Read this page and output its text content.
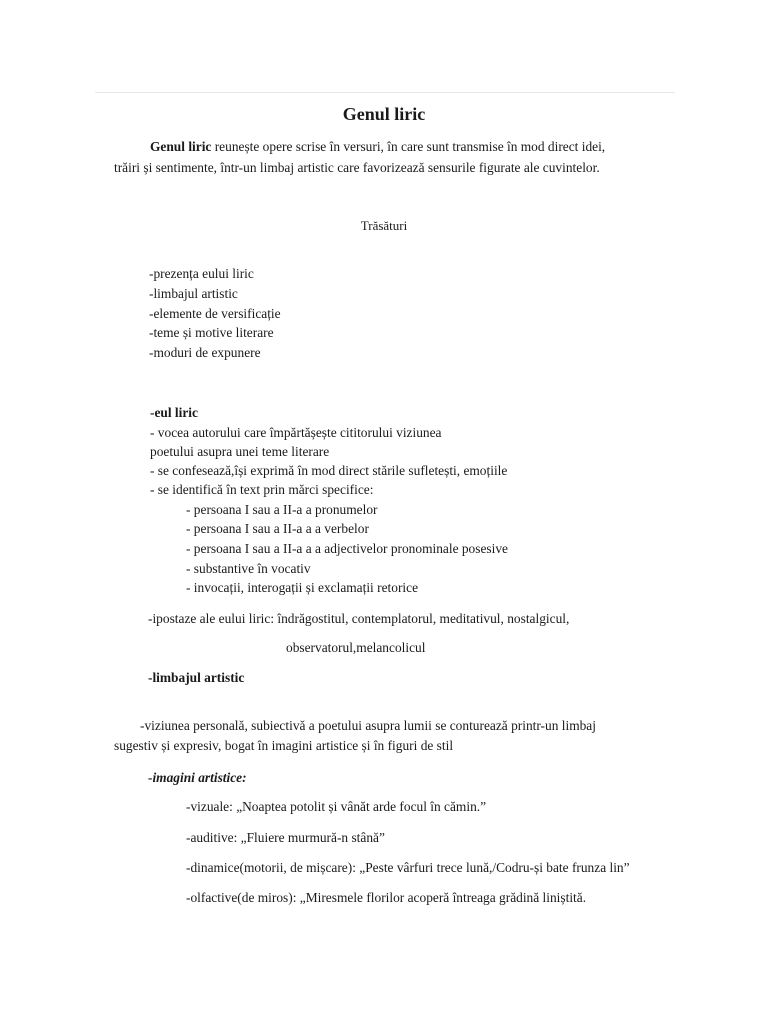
Genul liric
Genul liric reunește opere scrise în versuri, în care sunt transmise în mod direct idei,
trăiri și sentimente, într-un limbaj artistic care favorizează sensurile figurate ale cuvintelor.
Trăsături
-prezența eului liric
-limbajul artistic
-elemente de versificație
-teme și motive literare
-moduri de expunere
-eul liric
- vocea autorului care împărtășește cititorului viziunea
poetului asupra unei teme literare
- se confesează,își exprimă în mod direct stările sufletești, emoțiile
- se identifică în text prin mărci specifice:
- persoana I sau a II-a a pronumelor
- persoana I sau a II-a a a verbelor
- persoana I sau a II-a a a adjectivelor pronominale posesive
- substantive în vocativ
- invocații, interogații și exclamații retorice
-ipostaze ale eului liric: îndrăgostitul, contemplatorul, meditativul, nostalgicul,
observatorul,melancolicul
-limbajul artistic
-viziunea personală, subiectivă a poetului asupra lumii se conturează printr-un limbaj
sugestiv și expresiv, bogat în imagini artistice și în figuri de stil
-imagini artistice:
-vizuale: „Noaptea potolit și vânăt arde focul în cămin.”
-auditive: „Fluiere murmură-n stână”
-dinamice(motorii, de mișcare): „Peste vârfuri trece lună,/Codru-și bate frunza lin”
-olfactive(de miros): „Miresmele florilor acoperă întreaga grădină liniștită.
